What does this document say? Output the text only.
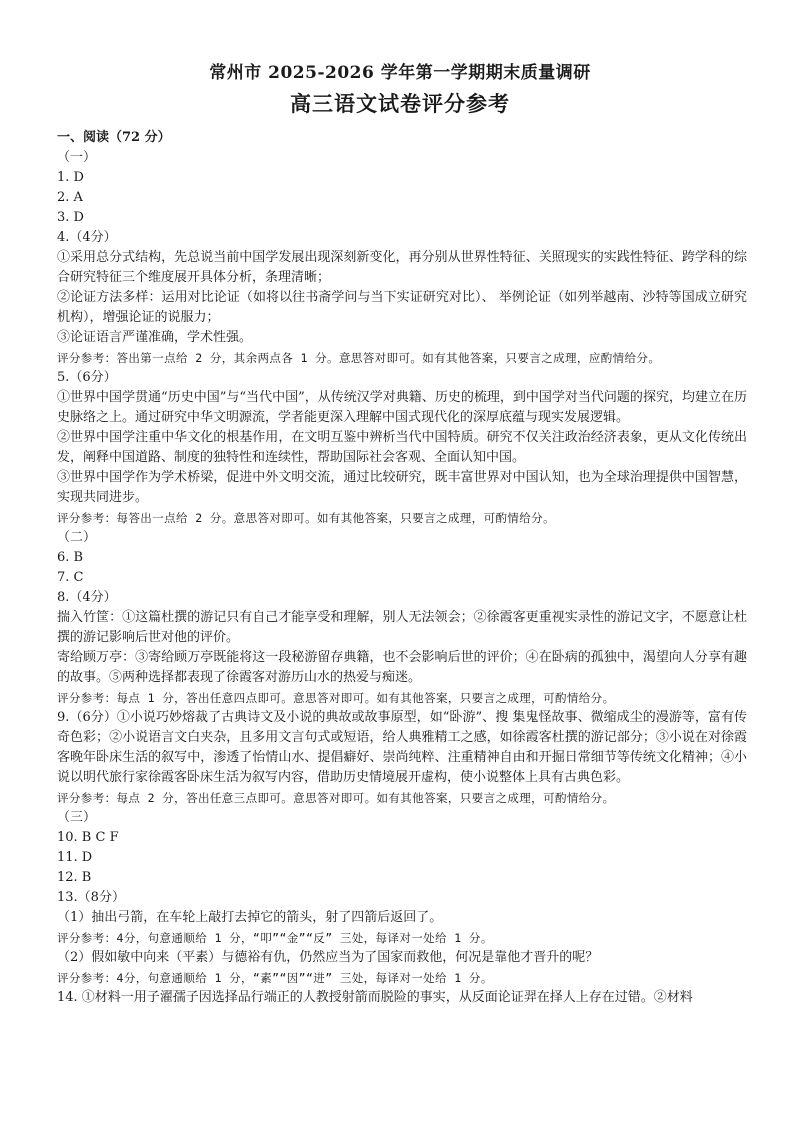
常州市 2025-2026 学年第一学期期末质量调研
高三语文试卷评分参考
一、阅读（72 分）
（一）
1. D
2. A
3. D
4.（4分）
①采用总分式结构，先总说当前中国学发展出现深刻新变化，再分别从世界性特征、关照现实的实践性特征、跨学科的综合研究特征三个维度展开具体分析，条理清晰；
②论证方法多样：运用对比论证（如将以往书斋学问与当下实证研究对比）、 举例论证（如列举越南、沙特等国成立研究机构），增强论证的说服力；
③论证语言严谨准确，学术性强。
评分参考：答出第一点给 2 分，其余两点各 1 分。意思答对即可。如有其他答案，只要言之成理，应酌情给分。
5.（6分）
①世界中国学贯通“历史中国”与“当代中国”，从传统汉学对典籍、历史的梳理，到中国学对当代问题的探究，均建立在历史脉络之上。通过研究中华文明源流，学者能更深入理解中国式现代化的深厚底蕴与现实发展逻辑。
②世界中国学注重中华文化的根基作用，在文明互鉴中辨析当代中国特质。研究不仅关注政治经济表象，更从文化传统出发，阐释中国道路、制度的独特性和连续性，帮助国际社会客观、全面认知中国。
③世界中国学作为学术桥梁，促进中外文明交流，通过比较研究，既丰富世界对中国认知，也为全球治理提供中国智慧，实现共同进步。
评分参考：每答出一点给 2 分。意思答对即可。如有其他答案，只要言之成理，可酌情给分。
（二）
6. B
7. C
8.（4分）
揣入竹筐：①这篇杜撰的游记只有自己才能享受和理解，别人无法领会；②徐霞客更重视实录性的游记文字，不愿意让杜撰的游记影响后世对他的评价。
寄给顾万亭：③寄给顾万亭既能将这一段秘游留存典籍，也不会影响后世的评价；④在卧病的孤独中，渴望向人分享有趣的故事。⑤两种选择都表现了徐霞客对游历山水的热爱与痴迷。
评分参考：每点 1 分，答出任意四点即可。意思答对即可。如有其他答案，只要言之成理，可酌情给分。
9.（6分）①小说巧妙熔裁了古典诗文及小说的典故或故事原型，如“卧游”、搜 集鬼怪故事、微缩成尘的漫游等，富有传奇色彩；②小说语言文白夹杂，且多用文言句式或短语，给人典雅精工之感，如徐霞客杜撰的游记部分；③小说在对徐霞客晚年卧床生活的叙写中，渗透了怡情山水、提倡癖好、崇尚纯粹、注重精神自由和开掘日常细节等传统文化精神；④小说以明代旅行家徐霞客卧床生活为叙写内容，借助历史情境展开虚构，使小说整体上具有古典色彩。
评分参考：每点 2 分，答出任意三点即可。意思答对即可。如有其他答案，只要言之成理，可酌情给分。
（三）
10. B C F
11. D
12. B
13.（8分）
（1）抽出弓箭，在车轮上敲打去掉它的箭头，射了四箭后返回了。
评分参考：4分，句意通顺给 1 分，“叩”“金”“反” 三处，每译对一处给 1 分。
（2）假如敏中向来（平素）与德裕有仇，仍然应当为了国家而救他，何况是靠他才晋升的呢？
评分参考：4分，句意通顺给 1 分，“素”“因”“进” 三处，每译对一处给 1 分。
14. ①材料一用子濯孺子因选择品行端正的人教授射箭而脱险的事实，从反面论证羿在择人上存在过错。②材料
